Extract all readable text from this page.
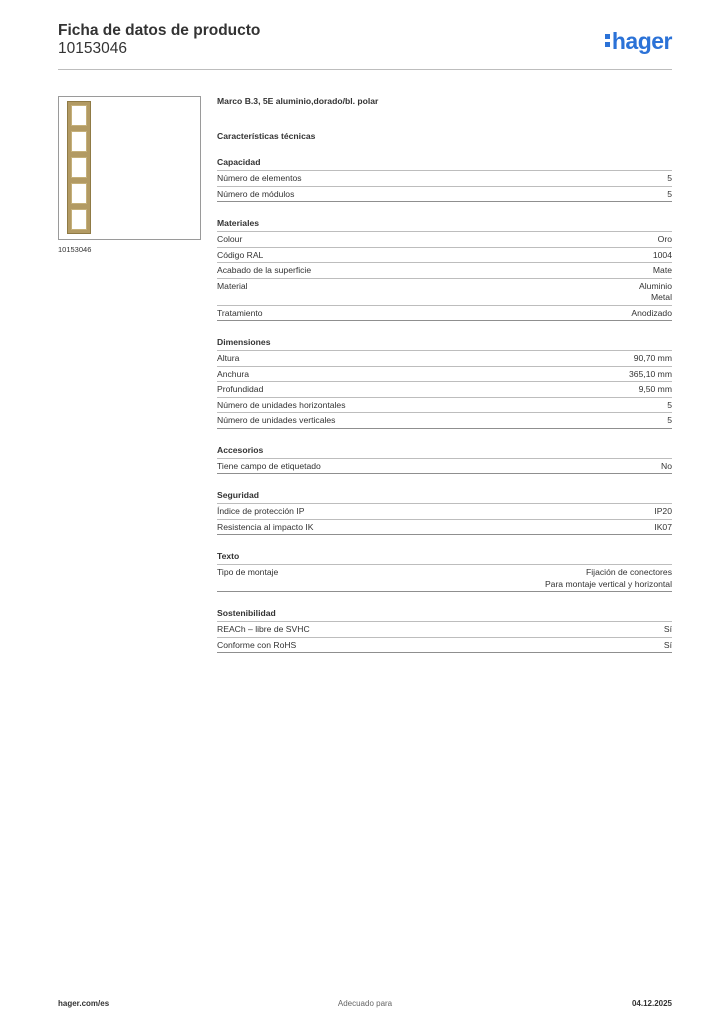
Ficha de datos de producto
10153046	hager
10153046
Marco B.3, 5E aluminio,dorado/bl. polar
Características técnicas
Capacidad
Número de elementos	5
Número de módulos	5
Materiales
Colour	Oro
Código RAL	1004
Acabado de la superficie	Mate
Material	Aluminio
Metal
Tratamiento	Anodizado
Dimensiones
Altura	90,70 mm
Anchura	365,10 mm
Profundidad	9,50 mm
Número de unidades horizontales	5
Número de unidades verticales	5
Accesorios
Tiene campo de etiquetado	No
Seguridad
Índice de protección IP	IP20
Resistencia al impacto IK	IK07
Texto
Tipo de montaje	Fijación de conectores
Para montaje vertical y horizontal
Sostenibilidad
REACh – libre de SVHC	Sí
Conforme con RoHS	Sí
hager.com/es	Adecuado para	04.12.2025
